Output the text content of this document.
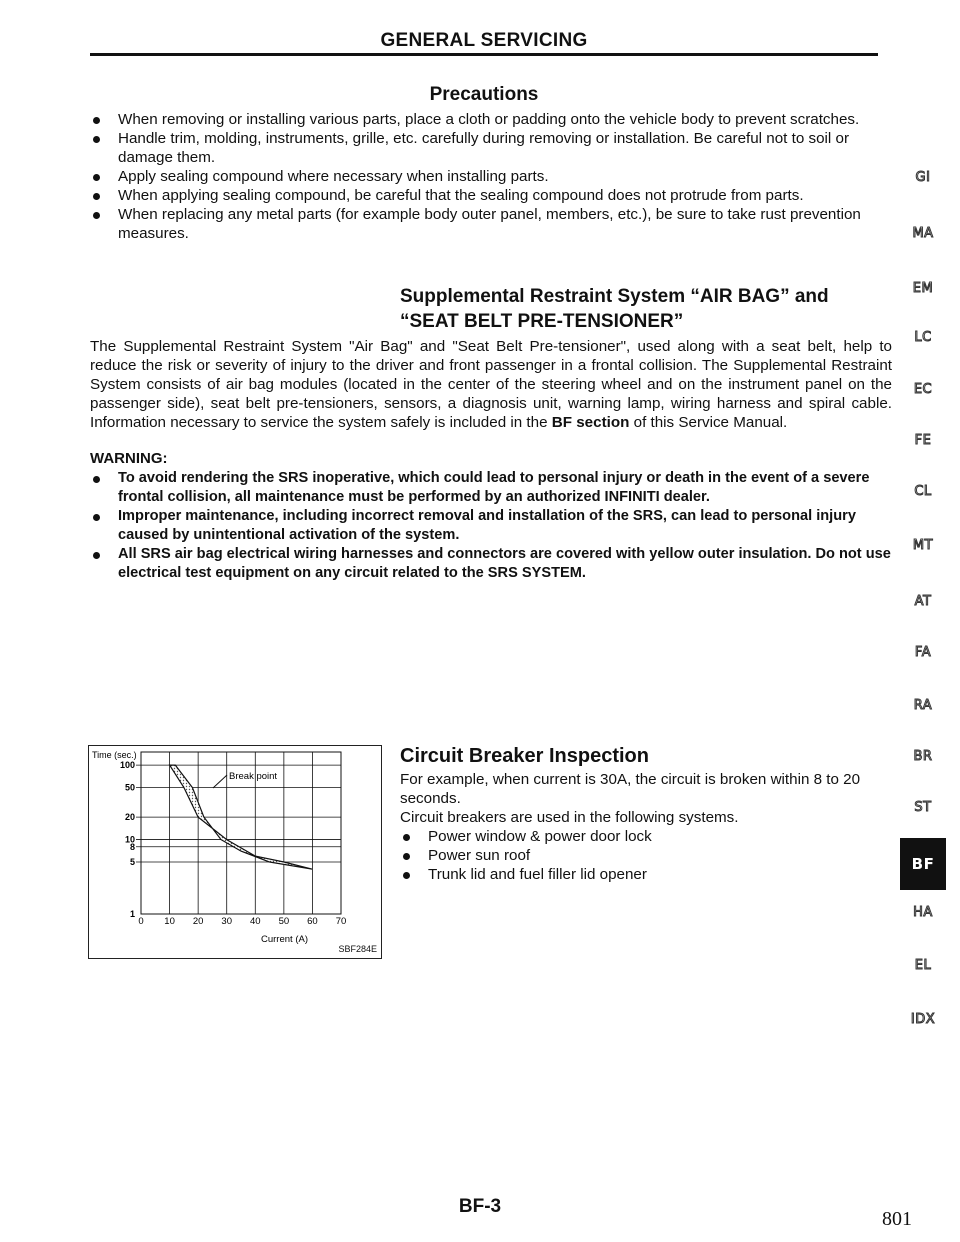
GENERAL SERVICING
Precautions
When removing or installing various parts, place a cloth or padding onto the vehicle body to prevent scratches.
Handle trim, molding, instruments, grille, etc. carefully during removing or installation. Be careful not to soil or damage them.
Apply sealing compound where necessary when installing parts.
When applying sealing compound, be careful that the sealing compound does not protrude from parts.
When replacing any metal parts (for example body outer panel, members, etc.), be sure to take rust prevention measures.
Supplemental Restraint System “AIR BAG” and
“SEAT BELT PRE-TENSIONER”
The Supplemental Restraint System "Air Bag" and "Seat Belt Pre-tensioner", used along with a seat belt, help to reduce the risk or severity of injury to the driver and front passenger in a frontal collision. The Supplemental Restraint System consists of air bag modules (located in the center of the steering wheel and on the instrument panel on the passenger side), seat belt pre-tensioners, sensors, a diagnosis unit, warning lamp, wiring harness and spiral cable. Information necessary to service the system safely is included in the BF section of this Service Manual.
WARNING:
To avoid rendering the SRS inoperative, which could lead to personal injury or death in the event of a severe frontal collision, all maintenance must be performed by an authorized INFINITI dealer.
Improper maintenance, including incorrect removal and installation of the SRS, can lead to personal injury caused by unintentional activation of the system.
All SRS air bag electrical wiring harnesses and connectors are covered with yellow outer insulation. Do not use electrical test equipment on any circuit related to the SRS SYSTEM.
0 10 20 30 40 50 60 70
1
5
8
10
20
50
100
Time (sec.)
Current (A)
Break point
SBF284E
Circuit Breaker Inspection
For example, when current is 30A, the circuit is broken within 8 to 20 seconds.
Circuit breakers are used in the following systems.
Power window & power door lock
Power sun roof
Trunk lid and fuel filler lid opener
GI
MA
EM
LC
EC
FE
CL
MT
AT
FA
RA
BR
ST
BF
HA
EL
IDX
BF-3
801
